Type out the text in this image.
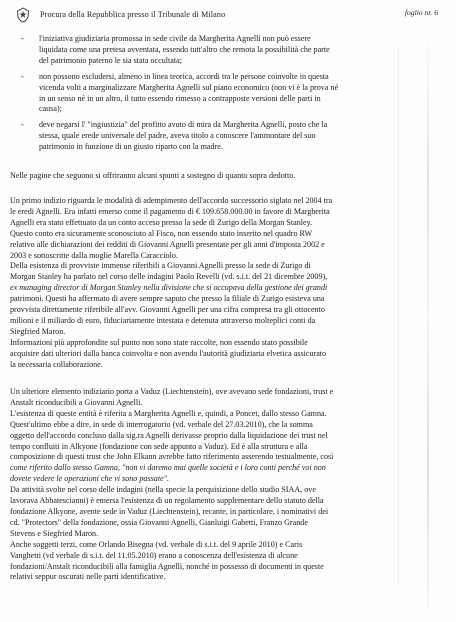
Procura della Repubblica presso il Tribunale di Milano	foglio nr. 6
- l'iniziativa giudiziaria promossa in sede civile da Margherita Agnelli non può essere
liquidata come una pretesa avventata, essendo tutt'altro che remota la possibilità che parte
del patrimonio paterno le sia stata occultata;
- non possono escludersi, almeno in linea teorica, accordi tra le persone coinvolte in questa
vicenda volti a marginalizzare Margherita Agnelli sul piano economico (non vi è la prova né
in un senso né in un altro, il tutto essendo rimesso a contrapposte versioni delle parti in
causa);
- deve negarsi l' "ingiustizia" del profitto avuto di mira da Margherita Agnelli, posto che la
stessa, quale erede universale del padre, aveva titolo a conoscere l'ammontare del suo
patrimonio in funzione di un giusto riparto con la madre.
Nelle pagine che seguono si offriranno alcuni spunti a sostegno di quanto sopra dedotto.
Un primo indizio riguarda le modalità di adempimento dell'accordo successorio siglato nel 2004 tra
le eredi Agnelli. Era infatti emerso come il pagamento di € 109.658.000.00 in favore di Margherita
Agnelli era stato effettuato da un conto acceso presso la sede di Zurigo della Morgan Stanley.
Questo conto era sicuramente sconosciuto al Fisco, non essendo stato inserito nel quadro RW
relativo alle dichiarazioni dei redditi di Giovanni Agnelli presentate per gli anni d'imposta 2002 e
2003 e sottoscritte dalla moglie Marella Caracciolo.
Della esistenza di provviste immense riferibili a Giovanni Agnelli presso la sede di Zurigo di
Morgan Stanley ha parlato nel corso delle indagini Paolo Revelli (vd. s.i.t. del 21 dicembre 2009),
ex managing director di Morgan Stanley nella divisione che si occupava della gestione dei grandi
patrimoni. Questi ha affermato di avere sempre saputo che presso la filiale di Zurigo esisteva una
provvista direttamente riferibile all'avv. Giovanni Agnelli per una cifra compresa tra gli ottocento
milioni e il miliardo di euro, fiduciariamente intestata e detenuta attraverso molteplici conti da
Siegfried Maron.
Informazioni più approfondite sul punto non sono state raccolte, non essendo stato possibile
acquisire dati ulteriori dalla banca coinvolta e non avendo l'autorità giudiziaria elvetica assicurato
la necessaria collaborazione.
Un ulteriore elemento indiziario porta a Vaduz (Liechtenstein), ove avevano sede fondazioni, trust e
Anstalt riconducibili a Giovanni Agnelli.
L'esistenza di queste entità è riferita a Margherita Agnelli e, quindi, a Poncet, dallo stesso Gamna.
Quest'ultimo ebbe a dire, in sede di interrogatorio (vd. verbale del 27.03.2010), che la somma
oggetto dell'accordo concluso dalla sig.ra Agnelli derivasse proprio dalla liquidazione dei trust nel
tempo confluiti in Alkyone (fondazione con sede appunto a Vaduz). Ed è alla struttura e alla
composizione di questi trust che John Elkann avrebbe fatto riferimento asserendo testualmente, così
come riferito dallo stesso Gamna, "non vi daremo mai quelle società e i loro conti perché voi non
dovete vedere le operazioni che vi sono passate".
Da attività svolte nel corso delle indagini (nella specie la perquisizione dello studio SIAA, ove
lavorava Abbatescianni) è emersa l'esistenza di un regolamento supplementare dello statuto della
fondazione Alkyone, avente sede in Vaduz (Liechtenstein), recante, in particolare, i nominativi dei
cd. "Protectors" della fondazione, ossia Giovanni Agnelli, Gianluigi Gabetti, Franzo Grande
Stevens e Siegfried Maron.
Anche soggetti terzi, come Orlando Bisegna (vd. verbale di s.i.t. del 9 aprile 2010) e Caris
Vanghetti (vd verbale di s.i.t. del 11.05.2010) erano a conoscenza dell'esistenza di alcune
fondazioni/Anstalt riconducibili alla famiglia Agnelli, nonché in possesso di documenti in queste
relativi seppur oscurati nelle parti identificative.
